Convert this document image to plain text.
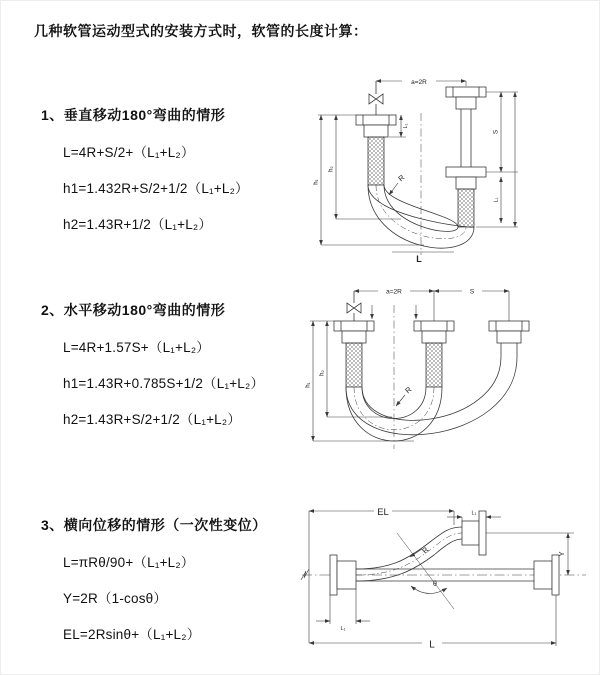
几种软管运动型式的安装方式时，软管的长度计算：
1、垂直移动180°弯曲的情形
L=4R+S/2+（L₁+L₂）
h1=1.432R+S/2+1/2（L₁+L₂）
h2=1.43R+1/2（L₁+L₂）
2、水平移动180°弯曲的情形
L=4R+1.57S+（L₁+L₂）
h1=1.43R+0.785S+1/2（L₁+L₂）
h2=1.43R+S/2+1/2（L₁+L₂）
3、横向位移的情形（一次性变位）
L=πRθ/90+（L₁+L₂）
Y=2R（1-cosθ）
EL=2Rsinθ+（L₁+L₂）
a=2R
h₁
h₂
L₁
S
L₁
R
L
a=2R	S
h₁
h₂
R
θ
R
EL	L₁
Y
L
L₁
